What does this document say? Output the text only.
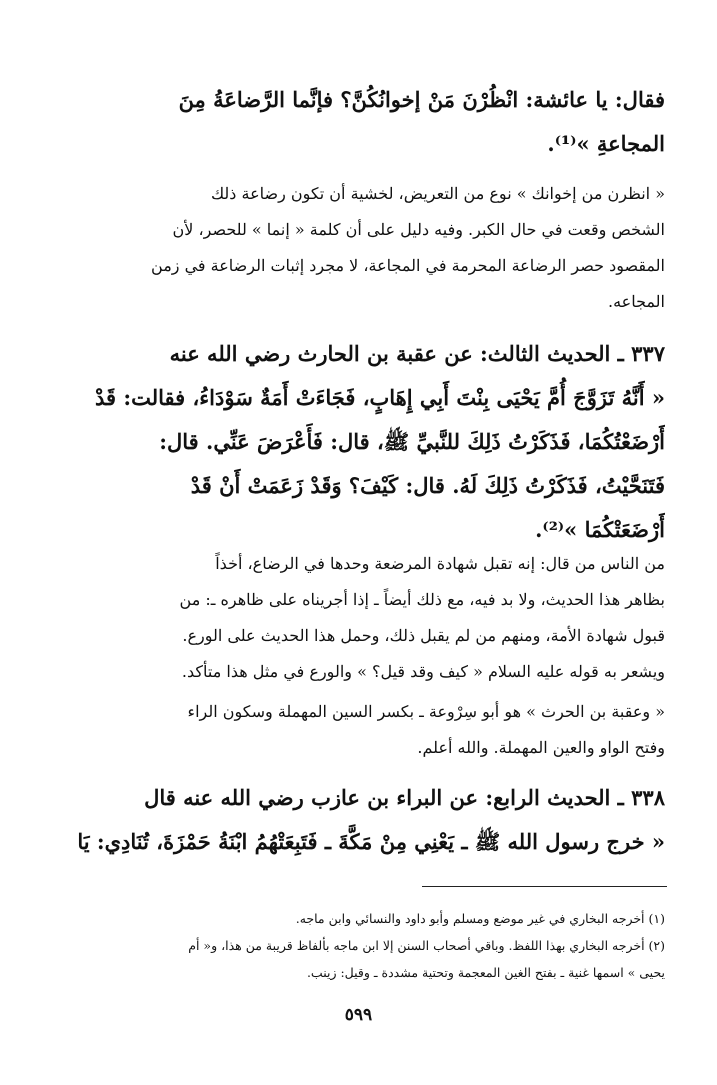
فقال: يا عائشة: انْظُرْنَ مَنْ إخوانُكُنَّ؟ فإنَّما الرَّضاعَةُ مِنَ
المجاعةِ »⁽¹⁾.
« انظرن من إخوانك » نوع من التعريض، لخشية أن تكون رضاعة ذلك
الشخص وقعت في حال الكبر. وفيه دليل على أن كلمة « إنما » للحصر، لأن
المقصود حصر الرضاعة المحرمة في المجاعة، لا مجرد إثبات الرضاعة في زمن
المجاعه.
٣٣٧ ـ الحديث الثالث: عن عقبة بن الحارث رضي الله عنه
« أَنَّهُ تَزَوَّجَ أُمَّ يَحْيَى بِنْتَ أَبِي إِهَابٍ، فَجَاءَتْ أَمَةٌ سَوْدَاءُ، فقالت: قَدْ
أَرْضَعْتُكُمَا، فَذَكَرْتُ ذَلِكَ للنَّبيِّ ﷺ، قال: فَأَعْرَضَ عَنِّي. قال:
فَتَنَحَّيْتُ، فَذَكَرْتُ ذَلِكَ لَهُ. قال: كَيْفَ؟ وَقَدْ زَعَمَتْ أَنْ قَدْ
أَرْضَعَتْكُمَا »⁽²⁾.
من الناس من قال: إنه تقبل شهادة المرضعة وحدها في الرضاع، أخذاً
بظاهر هذا الحديث، ولا بد فيه، مع ذلك أيضاً ـ إذا أجريناه على ظاهره ـ: من
قبول شهادة الأمة، ومنهم من لم يقبل ذلك، وحمل هذا الحديث على الورع.
ويشعر به قوله عليه السلام « كيف وقد قيل؟ » والورع في مثل هذا متأكد.
« وعقبة بن الحرث » هو أبو سِرْوعة ـ بكسر السين المهملة وسكون الراء
وفتح الواو والعين المهملة. والله أعلم.
٣٣٨ ـ الحديث الرابع: عن البراء بن عازب رضي الله عنه قال
« خرج رسول الله ﷺ ـ يَعْنِي مِنْ مَكَّةَ ـ فَتَبِعَتْهُمُ ابْنَةُ حَمْزَةَ، تُنَادِي: يَا
(١) أخرجه البخاري في غير موضع ومسلم وأبو داود والنسائي وابن ماجه.
(٢) أخرجه البخاري بهذا اللفظ. وباقي أصحاب السنن إلا ابن ماجه بألفاظ قريبة من هذا، و« أم
يحيى » اسمها غنية ـ بفتح الغين المعجمة وتحتية مشددة ـ وقيل: زينب.
٥٩٩
